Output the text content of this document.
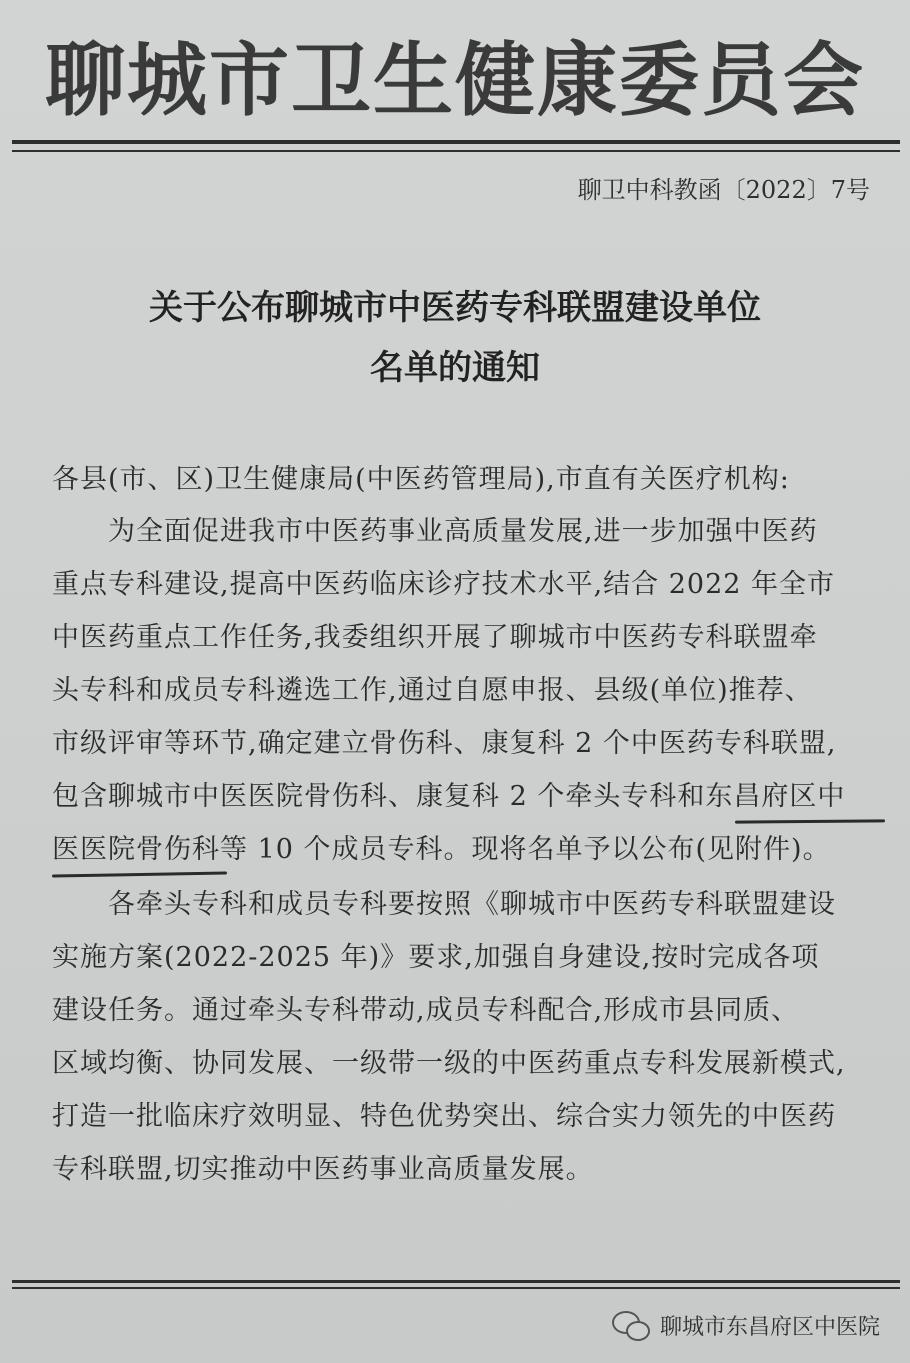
聊城市卫生健康委员会
聊卫中科教函〔2022〕7号
关于公布聊城市中医药专科联盟建设单位
名单的通知
各县(市、区)卫生健康局(中医药管理局),市直有关医疗机构:
　　为全面促进我市中医药事业高质量发展,进一步加强中医药
重点专科建设,提高中医药临床诊疗技术水平,结合 2022 年全市
中医药重点工作任务,我委组织开展了聊城市中医药专科联盟牵
头专科和成员专科遴选工作,通过自愿申报、县级(单位)推荐、
市级评审等环节,确定建立骨伤科、康复科 2 个中医药专科联盟,
包含聊城市中医医院骨伤科、康复科 2 个牵头专科和东昌府区中
医医院骨伤科等 10 个成员专科。现将名单予以公布(见附件)。
　　各牵头专科和成员专科要按照《聊城市中医药专科联盟建设
实施方案(2022-2025 年)》要求,加强自身建设,按时完成各项
建设任务。通过牵头专科带动,成员专科配合,形成市县同质、
区域均衡、协同发展、一级带一级的中医药重点专科发展新模式,
打造一批临床疗效明显、特色优势突出、综合实力领先的中医药
专科联盟,切实推动中医药事业高质量发展。
聊城市东昌府区中医院
